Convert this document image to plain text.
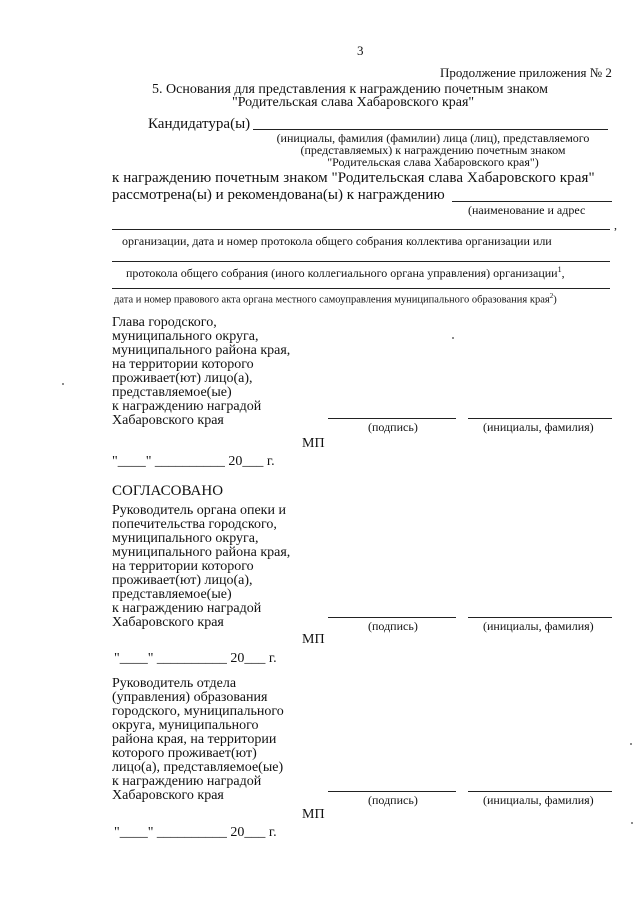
3
Продолжение приложения № 2
5. Основания для представления к награждению почетным знаком
"Родительская слава Хабаровского края"
Кандидатура(ы)
(инициалы, фамилия (фамилии) лица (лиц), представляемого
(представляемых) к награждению почетным знаком
"Родительская слава Хабаровского края")
к награждению почетным знаком "Родительская слава Хабаровского края"
рассмотрена(ы) и рекомендована(ы) к награждению
(наименование и адрес
,
организации, дата и номер протокола общего собрания коллектива организации или
протокола общего собрания (иного коллегиального органа управления) организации$^1$,
дата и номер правового акта органа местного самоуправления муниципального образования края$^2$)
Глава городского,
муниципального округа,
муниципального района края,
на территории которого
проживает(ют) лицо(а),
представляемое(ые)
к награждению наградой
Хабаровского края	(подпись)	(инициалы, фамилия)
МП
"____" __________ 20___ г.
СОГЛАСОВАНО
Руководитель органа опеки и
попечительства городского,
муниципального округа,
муниципального района края,
на территории которого
проживает(ют) лицо(а),
представляемое(ые)
к награждению наградой
Хабаровского края	(подпись)	(инициалы, фамилия)
МП
"____" __________ 20___ г.
Руководитель отдела
(управления) образования
городского, муниципального
округа, муниципального
района края, на территории
которого проживает(ют)
лицо(а), представляемое(ые)
к награждению наградой
Хабаровского края	(подпись)	(инициалы, фамилия)
МП
"____" __________ 20___ г.
